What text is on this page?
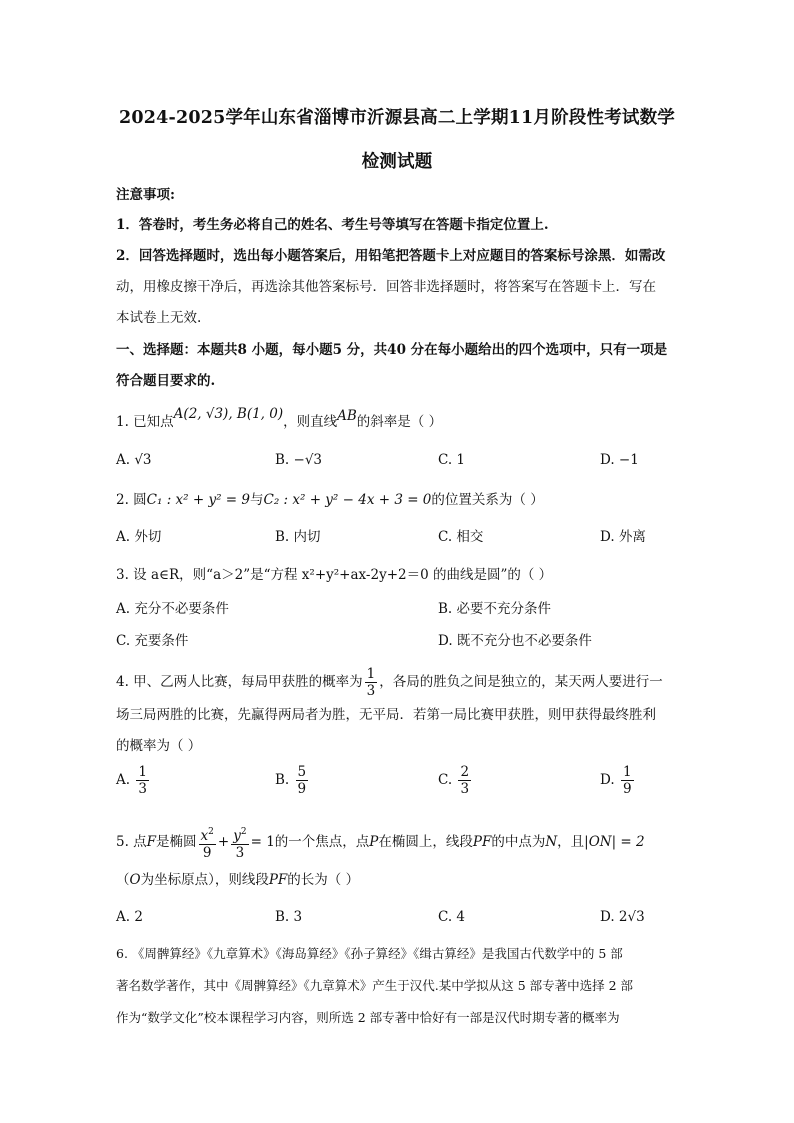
2024-2025学年山东省淄博市沂源县高二上学期11月阶段性考试数学
检测试题
注意事项:
1．答卷时，考生务必将自己的姓名、考生号等填写在答题卡指定位置上.
2．回答选择题时，选出每小题答案后，用铅笔把答题卡上对应题目的答案标号涂黑．如需改
动，用橡皮擦干净后，再选涂其他答案标号．回答非选择题时，将答案写在答题卡上．写在
本试卷上无效.
一、选择题：本题共8 小题，每小题5 分，共40 分在每小题给出的四个选项中，只有一项是
符合题目要求的.
1. 已知点A(2, √3), B(1, 0)，则直线AB的斜率是（ ）
A. √3	B. −√3	C. 1	D. −1
2. 圆C₁ : x² + y² = 9与C₂ : x² + y² − 4x + 3 = 0的位置关系为（ ）
A. 外切	B. 内切	C. 相交	D. 外离
3. 设 a∈R，则“a＞2”是“方程 x²+y²+ax-2y+2＝0 的曲线是圆”的（ ）
A. 充分不必要条件	B. 必要不充分条件
C. 充要条件	D. 既不充分也不必要条件
4. 甲、乙两人比赛，每局甲获胜的概率为 $\frac{1}{3}$ ，各局的胜负之间是独立的，某天两人要进行一
场三局两胜的比赛，先赢得两局者为胜，无平局．若第一局比赛甲获胜，则甲获得最终胜利
的概率为（ ）
A. $\frac{1}{3}$	B. $\frac{5}{9}$	C. $\frac{2}{3}$	D. $\frac{1}{9}$
5. 点F是椭圆 $\frac{x^2}{9} + \frac{y^2}{3} = 1$的一个焦点，点P在椭圆上，线段PF的中点为N，且|ON| = 2
（O为坐标原点），则线段PF的长为（ ）
A. 2	B. 3	C. 4	D. 2√3
6. 《周髀算经》《九章算术》《海岛算经》《孙子算经》《缉古算经》是我国古代数学中的 5 部
著名数学著作，其中《周髀算经》《九章算术》产生于汉代.某中学拟从这 5 部专著中选择 2 部
作为“数学文化”校本课程学习内容，则所选 2 部专著中恰好有一部是汉代时期专著的概率为
